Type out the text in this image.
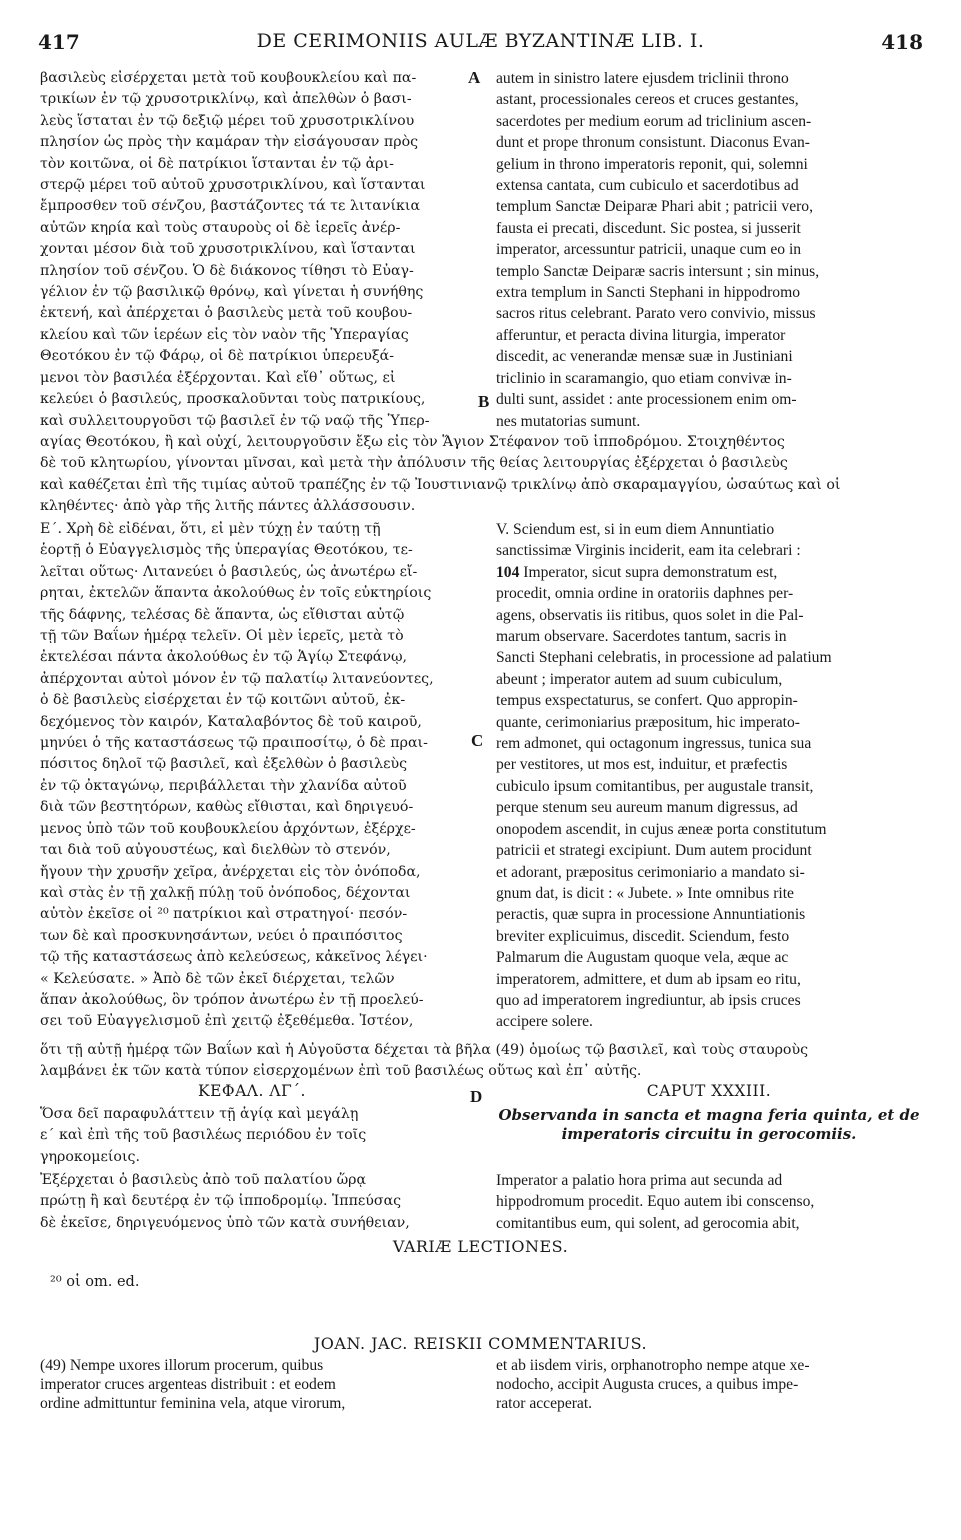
417	DE CERIMONIIS AULÆ BYZANTINÆ LIB. I.	418
βασιλεὺς εἰσέρχεται μετὰ τοῦ κουβουκλείου καὶ πα-
τρικίων ἐν τῷ χρυσοτρικλίνῳ, καὶ ἀπελθὼν ὁ βασι-
λεὺς ἵσταται ἐν τῷ δεξιῷ μέρει τοῦ χρυσοτρικλίνου
πλησίον ὡς πρὸς τὴν καμάραν τὴν εἰσάγουσαν πρὸς
τὸν κοιτῶνα, οἱ δὲ πατρίκιοι ἵστανται ἐν τῷ ἀρι-
στερῷ μέρει τοῦ αὐτοῦ χρυσοτρικλίνου, καὶ ἵστανται
ἔμπροσθεν τοῦ σένζου, βαστάζοντες τά τε λιτανίκια
αὐτῶν κηρία καὶ τοὺς σταυροὺς οἱ δὲ ἱερεῖς ἀνέρ-
χονται μέσον διὰ τοῦ χρυσοτρικλίνου, καὶ ἵστανται
πλησίον τοῦ σένζου. Ὁ δὲ διάκονος τίθησι τὸ Εὐαγ-
γέλιον ἐν τῷ βασιλικῷ θρόνῳ, καὶ γίνεται ἡ συνήθης
ἐκτενή, καὶ ἀπέρχεται ὁ βασιλεὺς μετὰ τοῦ κουβου-
κλείου καὶ τῶν ἱερέων εἰς τὸν ναὸν τῆς Ὑπεραγίας
Θεοτόκου ἐν τῷ Φάρῳ, οἱ δὲ πατρίκιοι ὑπερευξά-
μενοι τὸν βασιλέα ἐξέρχονται. Καὶ εἴθ᾽ οὕτως, εἰ
κελεύει ὁ βασιλεύς, προσκαλοῦνται τοὺς πατρικίους,
καὶ συλλειτουργοῦσι τῷ βασιλεῖ ἐν τῷ ναῷ τῆς Ὑπερ-
A autem in sinistro latere ejusdem triclinii throno
astant, processionales cereos et cruces gestantes,
sacerdotes per medium eorum ad triclinium ascen-
dunt et prope thronum consistunt. Diaconus Evan-
gelium in throno imperatoris reponit, qui, solemni
extensa cantata, cum cubiculo et sacerdotibus ad
templum Sanctæ Deiparæ Phari abit ; patricii vero,
fausta ei precati, discedunt. Sic postea, si jusserit
imperator, arcessuntur patricii, unaque cum eo in
templo Sanctæ Deiparæ sacris intersunt ; sin minus,
extra templum in Sancti Stephani in hippodromo
sacros ritus celebrant. Parato vero convivio, missus
afferuntur, et peracta divina liturgia, imperator
discedit, ac venerandæ mensæ suæ in Justiniani
triclinio in scaramangio, quo etiam convivæ in-
dulti sunt, assidet : ante processionem enim om-
nes mutatorias sumunt.
B
αγίας Θεοτόκου, ἢ καὶ οὐχί, λειτουργοῦσιν ἔξω εἰς τὸν Ἅγιον Στέφανον τοῦ ἱπποδρόμου. Στοιχηθέντος
δὲ τοῦ κλητωρίου, γίνονται μῖνσαι, καὶ μετὰ τὴν ἀπόλυσιν τῆς θείας λειτουργίας ἐξέρχεται ὁ βασιλεὺς
καὶ καθέζεται ἐπὶ τῆς τιμίας αὐτοῦ τραπέζης ἐν τῷ Ἰουστινιανῷ τρικλίνῳ ἀπὸ σκαραμαγγίου, ὡσαύτως καὶ οἱ
κληθέντες· ἀπὸ γὰρ τῆς λιτῆς πάντες ἀλλάσσουσιν.
Ε΄. Χρὴ δὲ εἰδέναι, ὅτι, εἰ μὲν τύχῃ ἐν ταύτῃ τῇ
ἑορτῇ ὁ Εὐαγγελισμὸς τῆς ὑπεραγίας Θεοτόκου, τε-
λεῖται οὕτως· Λιτανεύει ὁ βασιλεύς, ὡς ἀνωτέρω εἴ-
ρηται, ἐκτελῶν ἅπαντα ἀκολούθως ἐν τοῖς εὐκτηρίοις
τῆς δάφνης, τελέσας δὲ ἅπαντα, ὡς εἴθισται αὐτῷ
τῇ τῶν Βαΐων ἡμέρᾳ τελεῖν. Οἱ μὲν ἱερεῖς, μετὰ τὸ
ἐκτελέσαι πάντα ἀκολούθως ἐν τῷ Ἁγίῳ Στεφάνῳ,
ἀπέρχονται αὐτοὶ μόνον ἐν τῷ παλατίῳ λιτανεύοντες,
ὁ δὲ βασιλεὺς εἰσέρχεται ἐν τῷ κοιτῶνι αὐτοῦ, ἐκ-
δεχόμενος τὸν καιρόν, Καταλαβόντος δὲ τοῦ καιροῦ,
μηνύει ὁ τῆς καταστάσεως τῷ πραιποσίτῳ, ὁ δὲ πραι-
πόσιτος δηλοῖ τῷ βασιλεῖ, καὶ ἐξελθὼν ὁ βασιλεὺς
ἐν τῷ ὀκταγώνῳ, περιβάλλεται τὴν χλανίδα αὐτοῦ
διὰ τῶν βεστητόρων, καθὼς εἴθισται, καὶ δηριγευό-
μενος ὑπὸ τῶν τοῦ κουβουκλείου ἀρχόντων, ἐξέρχε-
ται διὰ τοῦ αὐγουστέως, καὶ διελθὼν τὸ στενόν,
ἤγουν τὴν χρυσῆν χεῖρα, ἀνέρχεται εἰς τὸν ὀνόποδα,
καὶ στὰς ἐν τῇ χαλκῇ πύλῃ τοῦ ὀνόποδος, δέχονται
αὐτὸν ἐκεῖσε οἱ ²⁰ πατρίκιοι καὶ στρατηγοί· πεσόν-
των δὲ καὶ προσκυνησάντων, νεύει ὁ πραιπόσιτος
τῷ τῆς καταστάσεως ἀπὸ κελεύσεως, κἀκεῖνος λέγει·
« Κελεύσατε. » Ἀπὸ δὲ τῶν ἐκεῖ διέρχεται, τελῶν
ἅπαν ἀκολούθως, ὃν τρόπον ἀνωτέρω ἐν τῇ προελεύ-
σει τοῦ Εὐαγγελισμοῦ ἐπὶ χειτῷ ἐξεθέμεθα. Ἰστέον,
C
V. Sciendum est, si in eum diem Annuntiatio
sanctissimæ Virginis inciderit, eam ita celebrari :
104 Imperator, sicut supra demonstratum est,
procedit, omnia ordine in oratoriis daphnes per-
agens, observatis iis ritibus, quos solet in die Pal-
marum observare. Sacerdotes tantum, sacris in
Sancti Stephani celebratis, in processione ad palatium
abeunt ; imperator autem ad suum cubiculum,
tempus exspectaturus, se confert. Quo appropin-
quante, cerimoniarius præpositum, hic imperato-
rem admonet, qui octagonum ingressus, tunica sua
per vestitores, ut mos est, induitur, et præfectis
cubiculo ipsum comitantibus, per augustale transit,
perque stenum seu aureum manum digressus, ad
onopodem ascendit, in cujus æneæ porta constitutum
patricii et strategi excipiunt. Dum autem procidunt
et adorant, præpositus cerimoniario a mandato si-
gnum dat, is dicit : « Jubete. » Inte omnibus rite
peractis, quæ supra in processione Annuntiationis
breviter explicuimus, discedit. Sciendum, festo
Palmarum die Augustam quoque vela, æque ac
imperatorem, admittere, et dum ab ipsam eo ritu,
quo ad imperatorem ingrediuntur, ab ipsis cruces
accipere solere.
ὅτι τῇ αὐτῇ ἡμέρᾳ τῶν Βαΐων καὶ ἡ Αὐγοῦστα δέχεται τὰ βῆλα (49) ὁμοίως τῷ βασιλεῖ, καὶ τοὺς σταυροὺς
λαμβάνει ἐκ τῶν κατὰ τύπον εἰσερχομένων ἐπὶ τοῦ βασιλέως οὕτως καὶ ἐπ᾽ αὐτῆς.
ΚΕΦΑΛ. ΛΓ΄.	D	CAPUT XXXIII.
Ὅσα δεῖ παραφυλάττειν τῇ ἁγίᾳ καὶ μεγάλῃ
ε΄ καὶ ἐπὶ τῆς τοῦ βασιλέως περιόδου ἐν τοῖς
γηροκομείοις.
Observanda in sancta et magna feria quinta, et de
imperatoris circuitu in gerocomiis.
Ἐξέρχεται ὁ βασιλεὺς ἀπὸ τοῦ παλατίου ὥρᾳ
πρώτῃ ἢ καὶ δευτέρᾳ ἐν τῷ ἱπποδρομίῳ. Ἱππεύσας
δὲ ἐκεῖσε, δηριγευόμενος ὑπὸ τῶν κατὰ συνήθειαν,
Imperator a palatio hora prima aut secunda ad
hippodromum procedit. Equo autem ibi conscenso,
comitantibus eum, qui solent, ad gerocomia abit,
VARIÆ LECTIONES.
²⁰ οἱ om. ed.
JOAN. JAC. REISKII COMMENTARIUS.
(49) Nempe uxores illorum procerum, quibus
imperator cruces argenteas distribuit : et eodem
ordine admittuntur feminina vela, atque virorum,
et ab iisdem viris, orphanotropho nempe atque xe-
nodocho, accipit Augusta cruces, a quibus impe-
rator acceperat.
